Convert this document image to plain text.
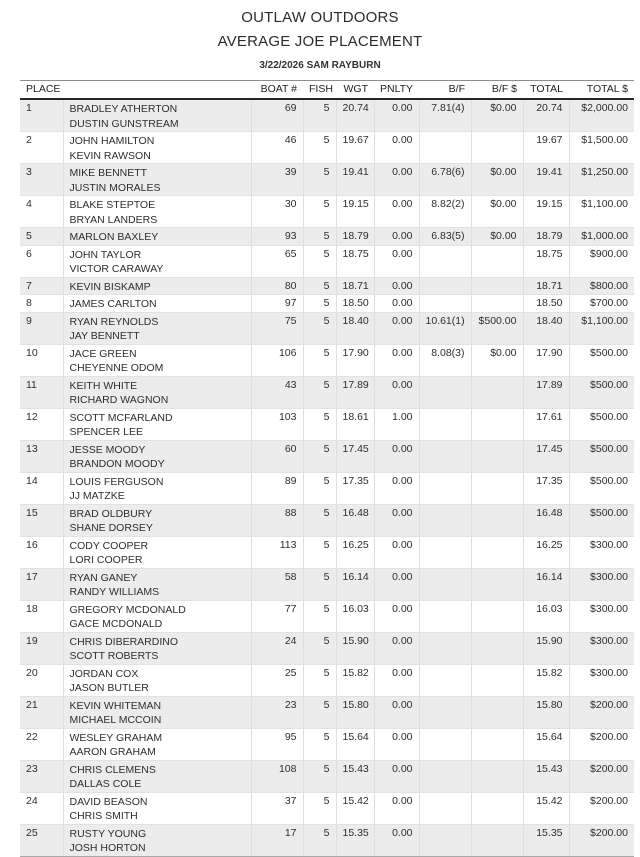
OUTLAW OUTDOORS
AVERAGE JOE PLACEMENT
3/22/2026 SAM RAYBURN
PLACE		BOAT #	FISH	WGT	PNLTY	B/F	B/F $	TOTAL	TOTAL $
1	BRADLEY ATHERTON
DUSTIN GUNSTREAM	69	5	20.74	0.00	7.81(4)	$0.00	20.74	$2,000.00
2	JOHN HAMILTON
KEVIN RAWSON	46	5	19.67	0.00			19.67	$1,500.00
3	MIKE BENNETT
JUSTIN MORALES	39	5	19.41	0.00	6.78(6)	$0.00	19.41	$1,250.00
4	BLAKE STEPTOE
BRYAN LANDERS	30	5	19.15	0.00	8.82(2)	$0.00	19.15	$1,100.00
5	MARLON BAXLEY	93	5	18.79	0.00	6.83(5)	$0.00	18.79	$1,000.00
6	JOHN TAYLOR
VICTOR CARAWAY	65	5	18.75	0.00			18.75	$900.00
7	KEVIN BISKAMP	80	5	18.71	0.00			18.71	$800.00
8	JAMES CARLTON	97	5	18.50	0.00			18.50	$700.00
9	RYAN REYNOLDS
JAY BENNETT	75	5	18.40	0.00	10.61(1)	$500.00	18.40	$1,100.00
10	JACE GREEN
CHEYENNE ODOM	106	5	17.90	0.00	8.08(3)	$0.00	17.90	$500.00
11	KEITH WHITE
RICHARD WAGNON	43	5	17.89	0.00			17.89	$500.00
12	SCOTT MCFARLAND
SPENCER LEE	103	5	18.61	1.00			17.61	$500.00
13	JESSE MOODY
BRANDON MOODY	60	5	17.45	0.00			17.45	$500.00
14	LOUIS FERGUSON
JJ MATZKE	89	5	17.35	0.00			17.35	$500.00
15	BRAD OLDBURY
SHANE DORSEY	88	5	16.48	0.00			16.48	$500.00
16	CODY COOPER
LORI COOPER	113	5	16.25	0.00			16.25	$300.00
17	RYAN GANEY
RANDY WILLIAMS	58	5	16.14	0.00			16.14	$300.00
18	GREGORY MCDONALD
GACE MCDONALD	77	5	16.03	0.00			16.03	$300.00
19	CHRIS DIBERARDINO
SCOTT ROBERTS	24	5	15.90	0.00			15.90	$300.00
20	JORDAN COX
JASON BUTLER	25	5	15.82	0.00			15.82	$300.00
21	KEVIN WHITEMAN
MICHAEL MCCOIN	23	5	15.80	0.00			15.80	$200.00
22	WESLEY GRAHAM
AARON GRAHAM	95	5	15.64	0.00			15.64	$200.00
23	CHRIS CLEMENS
DALLAS COLE	108	5	15.43	0.00			15.43	$200.00
24	DAVID BEASON
CHRIS SMITH	37	5	15.42	0.00			15.42	$200.00
25	RUSTY YOUNG
JOSH HORTON	17	5	15.35	0.00			15.35	$200.00
